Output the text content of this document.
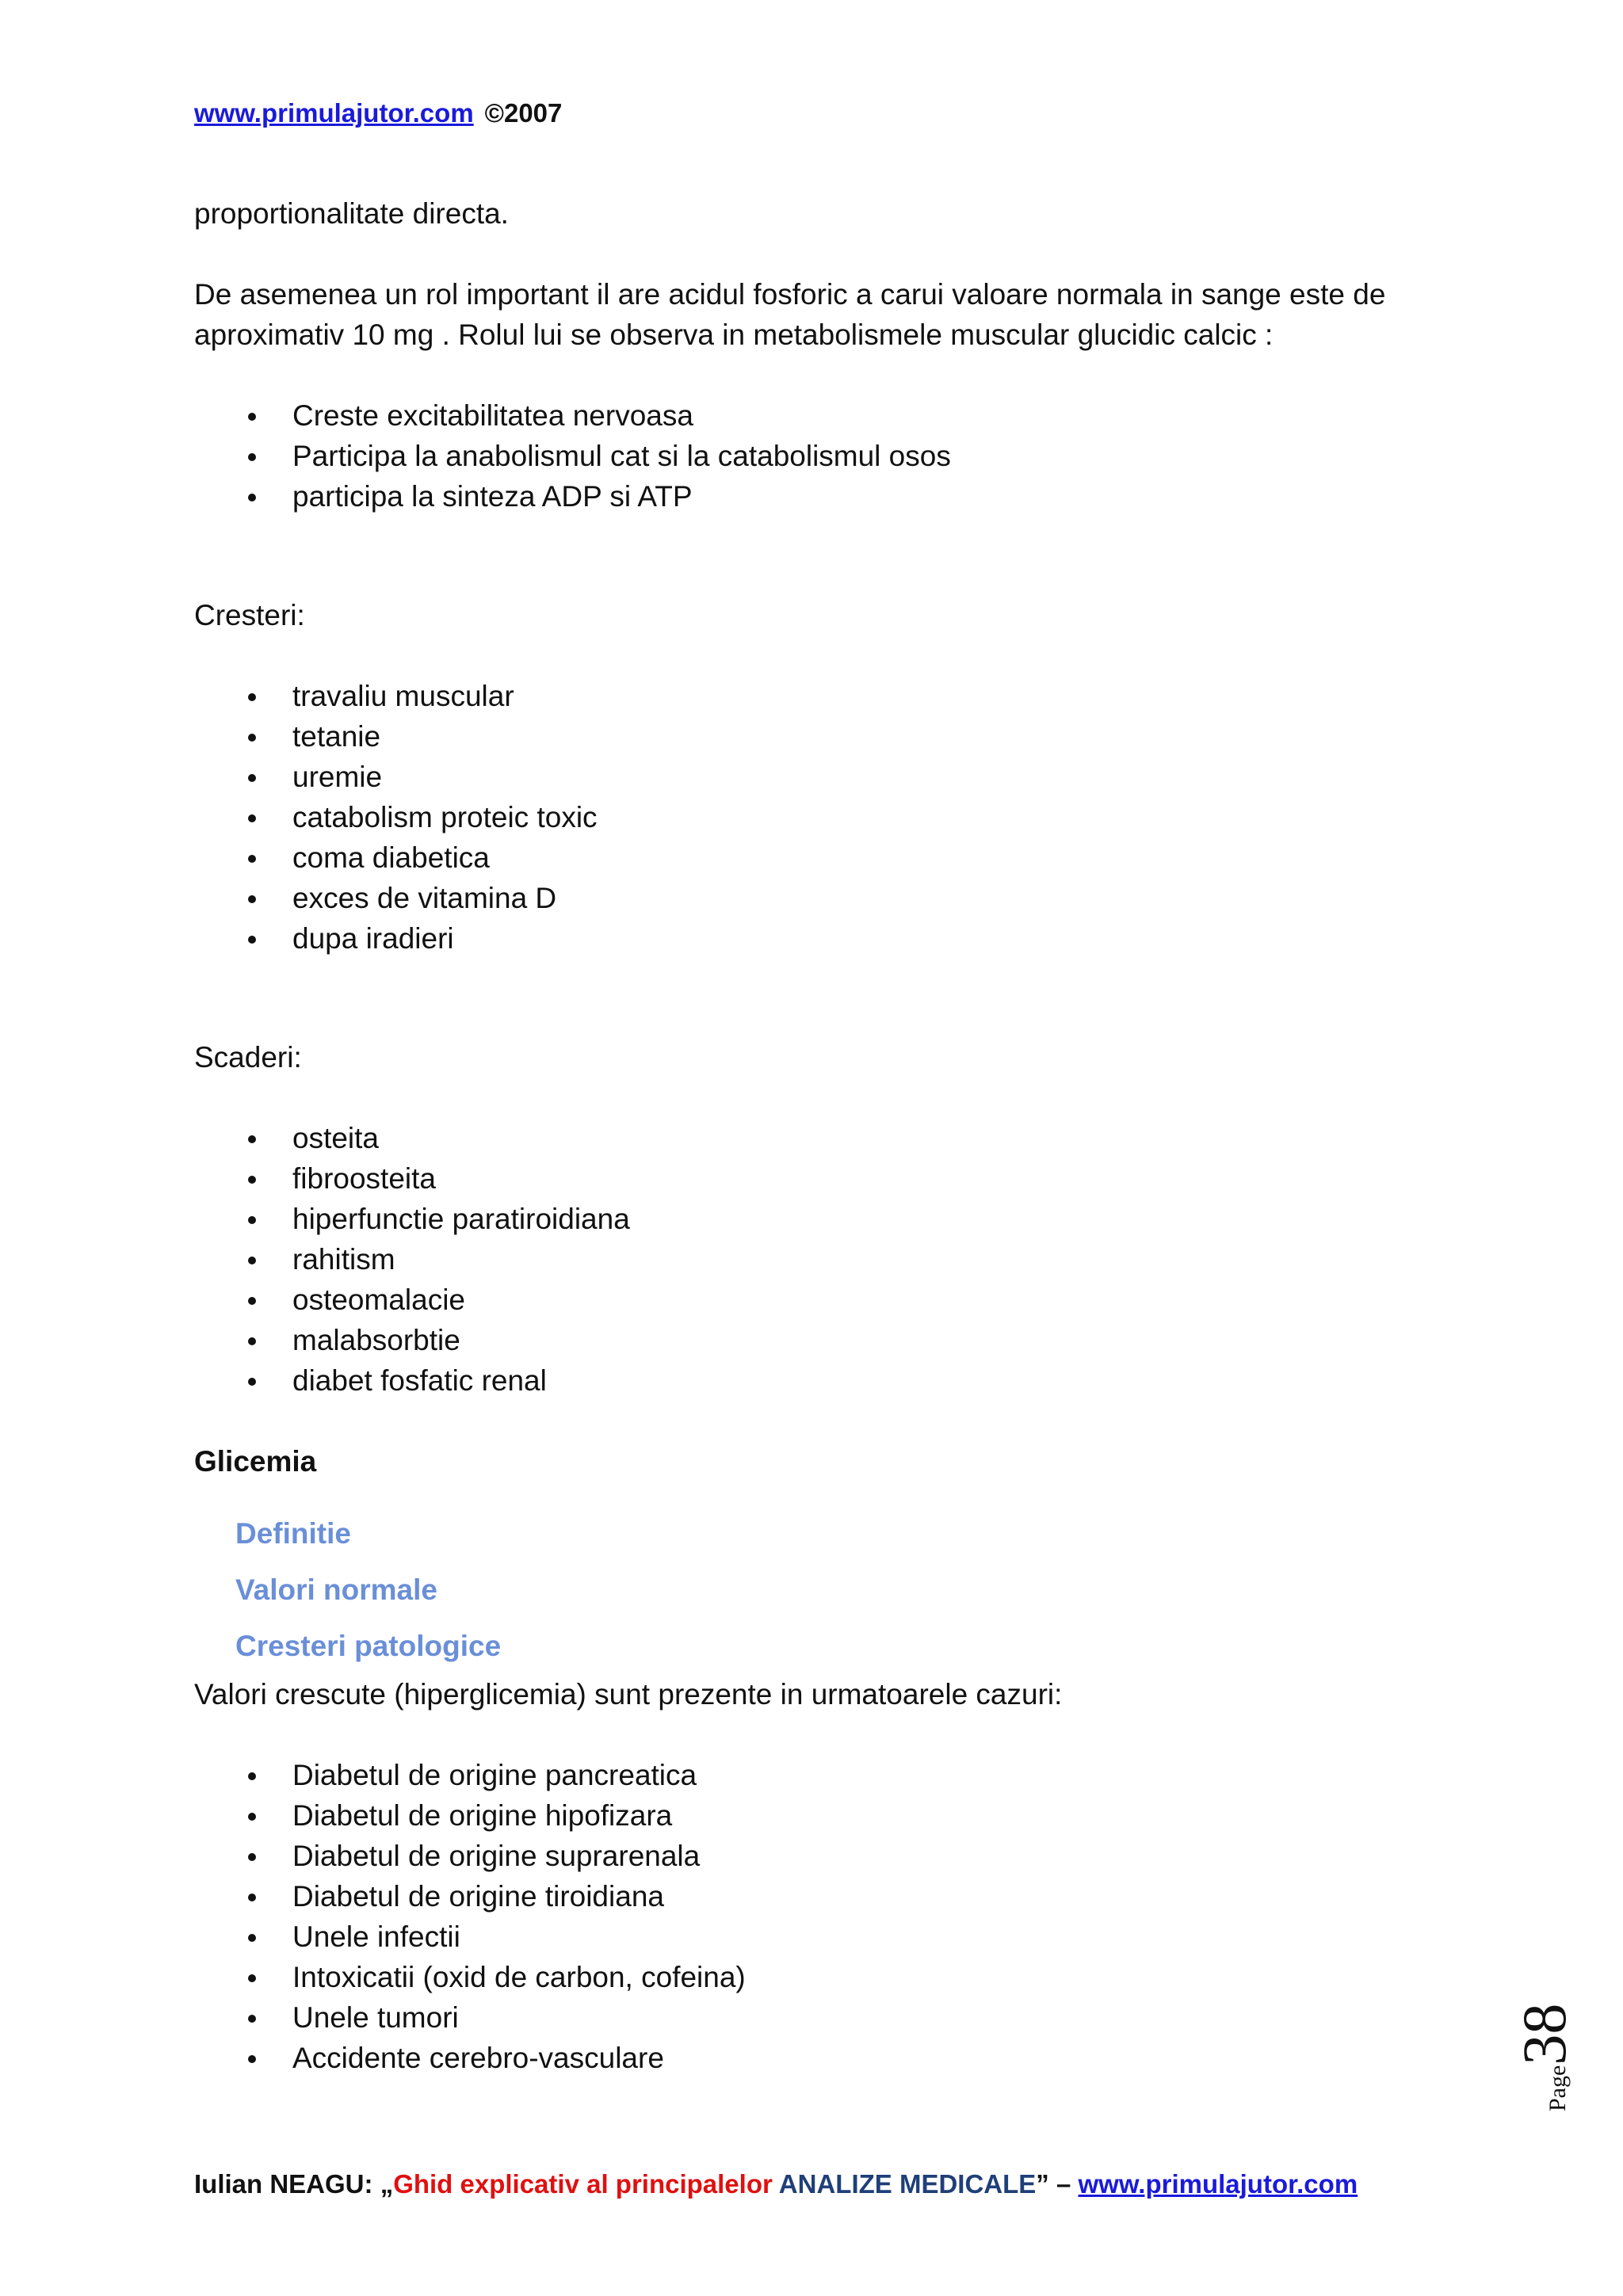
www.primulajutor.com ©2007

proportionalitate directa.

De asemenea un rol important il are acidul fosforic a carui valoare normala in sange este de

aproximativ 10 mg . Rolul lui se observa in metabolismele muscular glucidic calcic :

Creste excitabilitatea nervoasa
Participa la anabolismul cat si la catabolismul osos
participa la sinteza ADP si ATP

Cresteri:

travaliu muscular
tetanie
uremie
catabolism proteic toxic
coma diabetica
exces de vitamina D
dupa iradieri

Scaderi:

osteita
fibroosteita
hiperfunctie paratiroidiana
rahitism
osteomalacie
malabsorbtie
diabet fosfatic renal

Glicemia

Definitie
Valori normale
Cresteri patologice

Valori crescute (hiperglicemia) sunt prezente in urmatoarele cazuri:

Diabetul de origine pancreatica
Diabetul de origine hipofizara
Diabetul de origine suprarenala
Diabetul de origine tiroidiana
Unele infectii
Intoxicatii (oxid de carbon, cofeina)
Unele tumori
Accidente cerebro-vasculare
Page38
Iulian NEAGU: „Ghid explicativ al principalelor ANALIZE MEDICALE” – www.primulajutor.com
